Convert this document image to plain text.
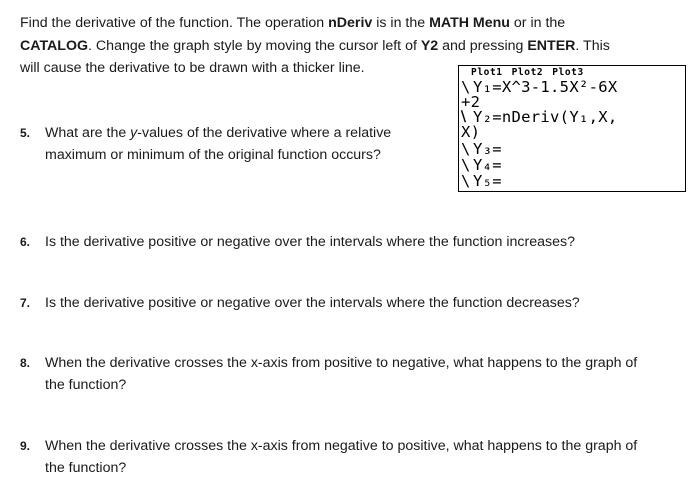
Find the derivative of the function. The operation nDeriv is in the MATH Menu or in the CATALOG. Change the graph style by moving the cursor left of Y2 and pressing ENTER. This will cause the derivative to be drawn with a thicker line.	Plot1 Plot2 Plot3
\ Y₁=X^3-1.5X²-6X
+2
⧵ Y₂=nDeriv(Y₁,X,
X)
\ Y₃=
\ Y₄=
\ Y₅=
5. What are the y-values of the derivative where a relative maximum or minimum of the original function occurs?
6. Is the derivative positive or negative over the intervals where the function increases?
7. Is the derivative positive or negative over the intervals where the function decreases?
8. When the derivative crosses the x-axis from positive to negative, what happens to the graph of the function?
9. When the derivative crosses the x-axis from negative to positive, what happens to the graph of the function?
